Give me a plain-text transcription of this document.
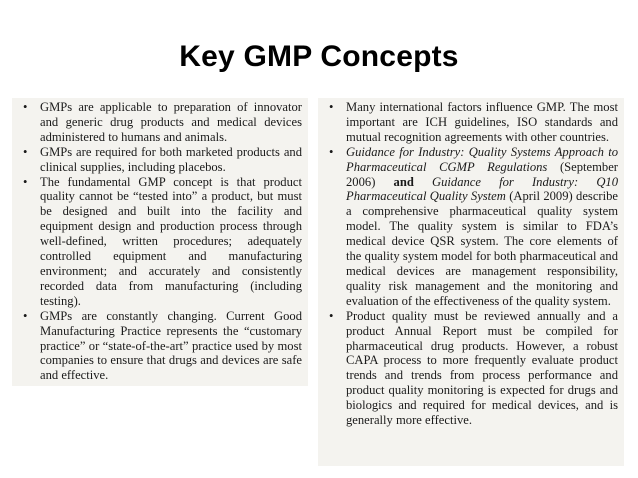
Key GMP Concepts
• GMPs are applicable to preparation of innovator and generic drug products and medical devices administered to humans and animals.
• GMPs are required for both marketed products and clinical supplies, including placebos.
• The fundamental GMP concept is that product quality cannot be “tested into” a product, but must be designed and built into the facility and equipment design and production process through well-defined, written procedures; adequately controlled equipment and manufacturing environment; and accurately and consistently recorded data from manufacturing (including testing).
• GMPs are constantly changing. Current Good Manufacturing Practice represents the “customary practice” or “state-of-the-art” practice used by most companies to ensure that drugs and devices are safe and effective.
• Many international factors influence GMP. The most important are ICH guidelines, ISO standards and mutual recognition agreements with other countries.
• Guidance for Industry: Quality Systems Approach to Pharmaceutical CGMP Regulations (September 2006) and Guidance for Industry: Q10 Pharmaceutical Quality System (April 2009) describe a comprehensive pharmaceutical quality system model. The quality system is similar to FDA’s medical device QSR system. The core elements of the quality system model for both pharmaceutical and medical devices are management responsibility, quality risk management and the monitoring and evaluation of the effectiveness of the quality system.
• Product quality must be reviewed annually and a product Annual Report must be compiled for pharmaceutical drug products. However, a robust CAPA process to more frequently evaluate product trends and trends from process performance and product quality monitoring is expected for drugs and biologics and required for medical devices, and is generally more effective.
